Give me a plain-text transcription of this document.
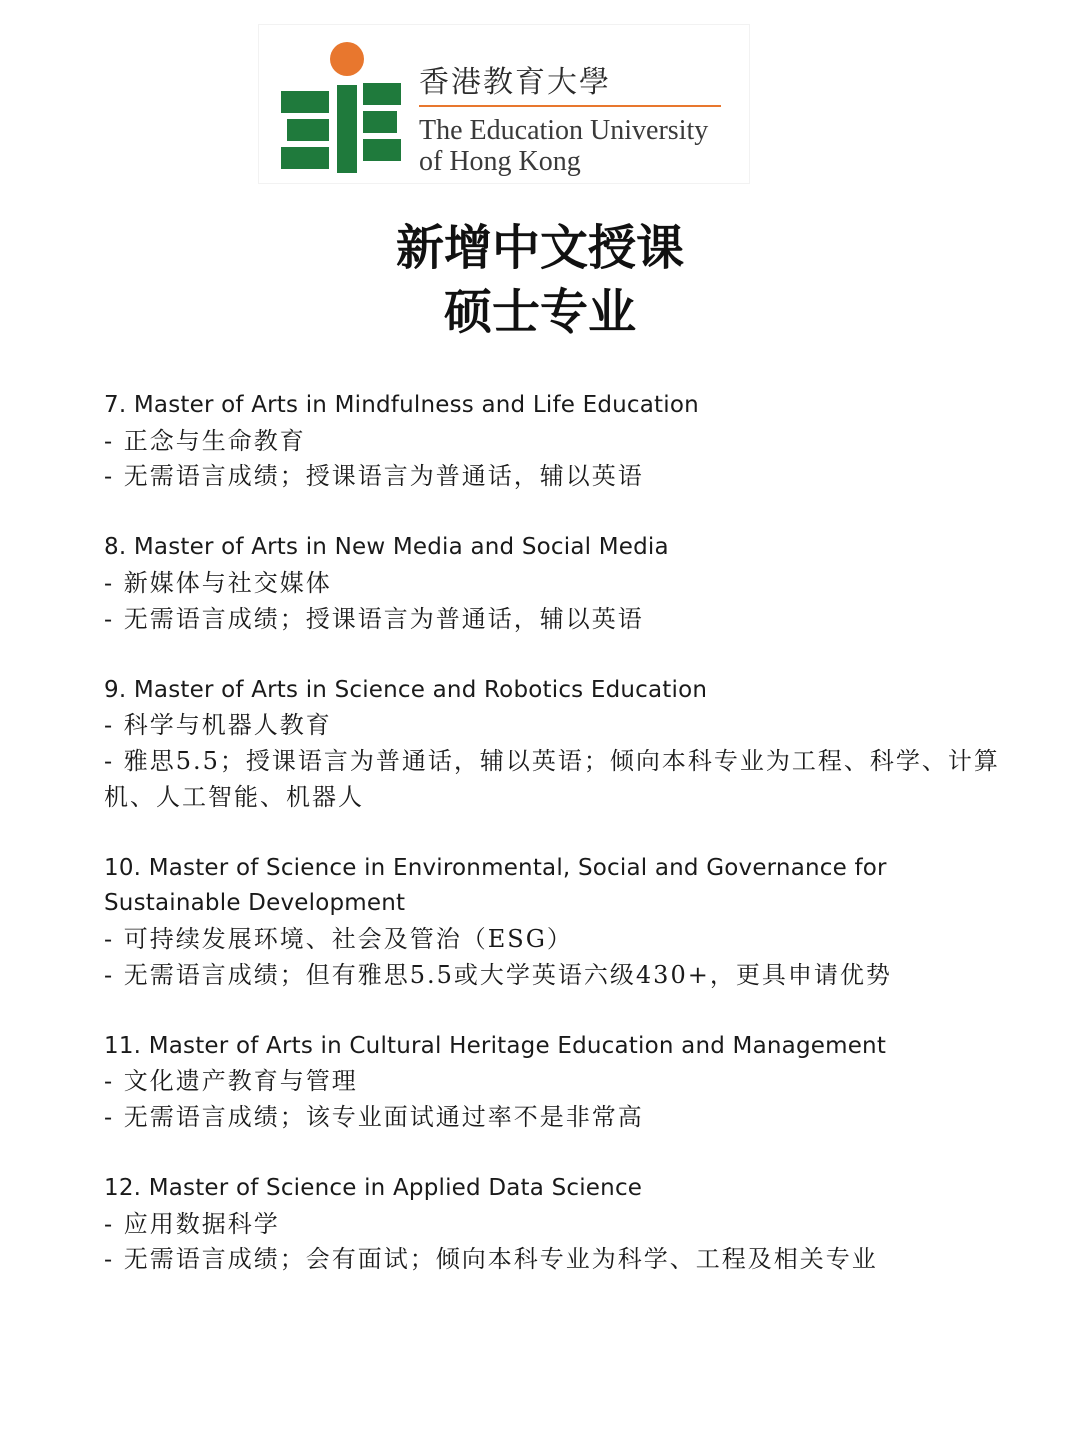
香港教育大學
The Education University
of Hong Kong
新增中文授课
硕士专业
7. Master of Arts in Mindfulness and Life Education
- 正念与生命教育
- 无需语言成绩；授课语言为普通话，辅以英语
8. Master of Arts in New Media and Social Media
- 新媒体与社交媒体
- 无需语言成绩；授课语言为普通话，辅以英语
9. Master of Arts in Science and Robotics Education
- 科学与机器人教育
- 雅思5.5；授课语言为普通话，辅以英语；倾向本科专业为工程、科学、计算机、人工智能、机器人
10. Master of Science in Environmental, Social and Governance for Sustainable Development
- 可持续发展环境、社会及管治（ESG）
- 无需语言成绩；但有雅思5.5或大学英语六级430+，更具申请优势
11. Master of Arts in Cultural Heritage Education and Management
- 文化遗产教育与管理
- 无需语言成绩；该专业面试通过率不是非常高
12. Master of Science in Applied Data Science
- 应用数据科学
- 无需语言成绩；会有面试；倾向本科专业为科学、工程及相关专业
